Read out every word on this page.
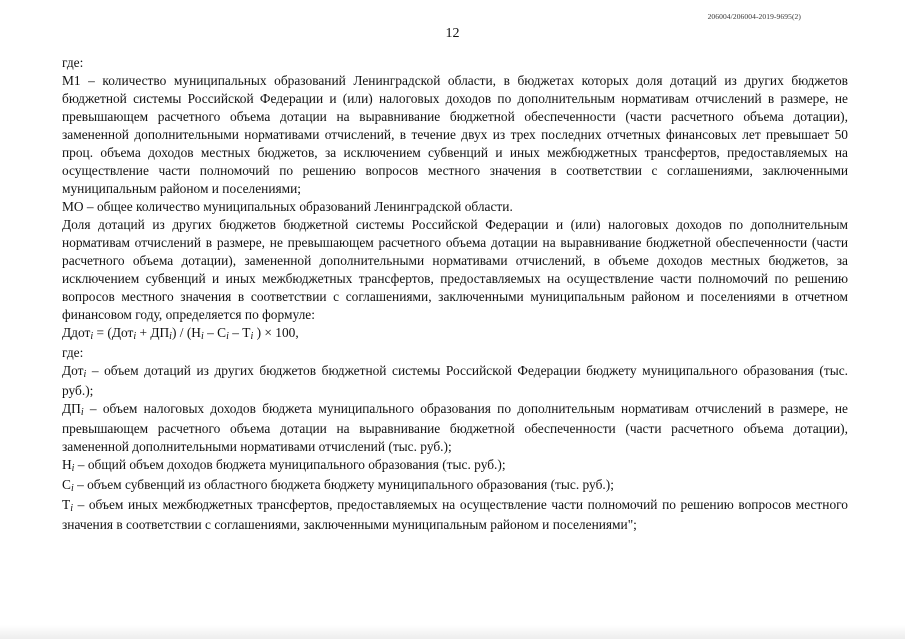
206004/206004-2019-9695(2)
12

где:

М1 – количество муниципальных образований Ленинградской области, в бюджетах которых доля дотаций из других бюджетов бюджетной системы Российской Федерации и (или) налоговых доходов по дополнительным нормативам отчислений в размере, не превышающем расчетного объема дотации на выравнивание бюджетной обеспеченности (части расчетного объема дотации), замененной дополнительными нормативами отчислений, в течение двух из трех последних отчетных финансовых лет превышает 50 проц. объема доходов местных бюджетов, за исключением субвенций и иных межбюджетных трансфертов, предоставляемых на осуществление части полномочий по решению вопросов местного значения в соответствии с соглашениями, заключенными муниципальным районом и поселениями;

МО – общее количество муниципальных образований Ленинградской области.

Доля дотаций из других бюджетов бюджетной системы Российской Федерации и (или) налоговых доходов по дополнительным нормативам отчислений в размере, не превышающем расчетного объема дотации на выравнивание бюджетной обеспеченности (части расчетного объема дотации), замененной дополнительными нормативами отчислений, в объеме доходов местных бюджетов, за исключением субвенций и иных межбюджетных трансфертов, предоставляемых на осуществление части полномочий по решению вопросов местного значения в соответствии с соглашениями, заключенными муниципальным районом и поселениями в отчетном финансовом году, определяется по формуле:

Ддотi = (Дотi + ДПi) / (Нi – Сi – Тi ) × 100,

где:

Дотi – объем дотаций из других бюджетов бюджетной системы Российской Федерации бюджету муниципального образования (тыс. руб.);

ДПi – объем налоговых доходов бюджета муниципального образования по дополнительным нормативам отчислений в размере, не превышающем расчетного объема дотации на выравнивание бюджетной обеспеченности (части расчетного объема дотации), замененной дополнительными нормативами отчислений (тыс. руб.);

Нi – общий объем доходов бюджета муниципального образования (тыс. руб.);

Сi – объем субвенций из областного бюджета бюджету муниципального образования (тыс. руб.);

Тi – объем иных межбюджетных трансфертов, предоставляемых на осуществление части полномочий по решению вопросов местного значения в соответствии с соглашениями, заключенными муниципальным районом и поселениями";
